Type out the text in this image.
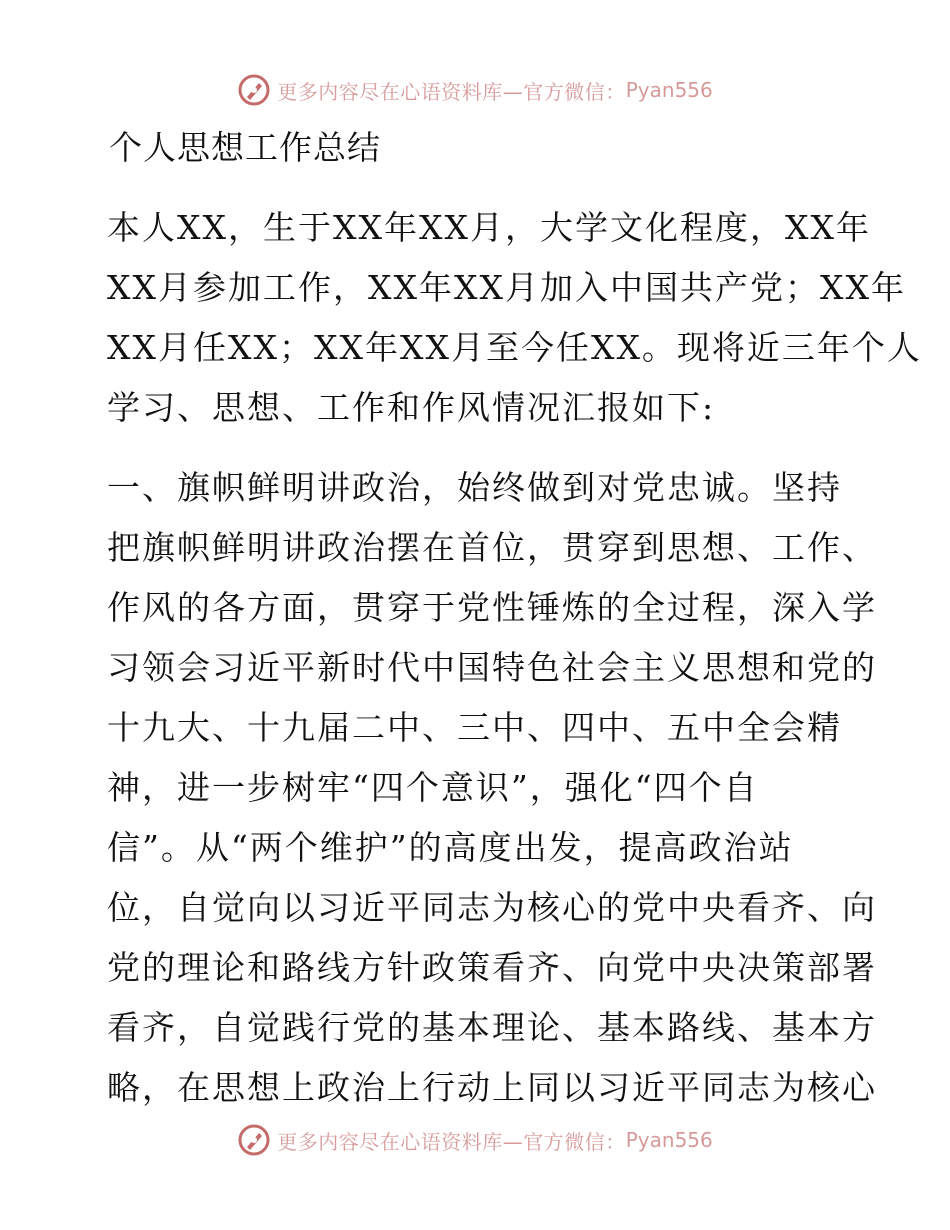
更多内容尽在心语资料库—官方微信： Pyan556
个人思想工作总结
本人XX，生于XX年XX月，大学文化程度，XX年
XX月参加工作，XX年XX月加入中国共产党；XX年
XX月任XX；XX年XX月至今任XX。现将近三年个人
学习、思想、工作和作风情况汇报如下:
一、旗帜鲜明讲政治，始终做到对党忠诚。坚持
把旗帜鲜明讲政治摆在首位，贯穿到思想、工作、
作风的各方面，贯穿于党性锤炼的全过程，深入学
习领会习近平新时代中国特色社会主义思想和党的
十九大、十九届二中、三中、四中、五中全会精
神，进一步树牢“四个意识”，强化“四个自
信”。从“两个维护”的高度出发，提高政治站
位，自觉向以习近平同志为核心的党中央看齐、向
党的理论和路线方针政策看齐、向党中央决策部署
看齐，自觉践行党的基本理论、基本路线、基本方
略，在思想上政治上行动上同以习近平同志为核心
更多内容尽在心语资料库—官方微信： Pyan556
